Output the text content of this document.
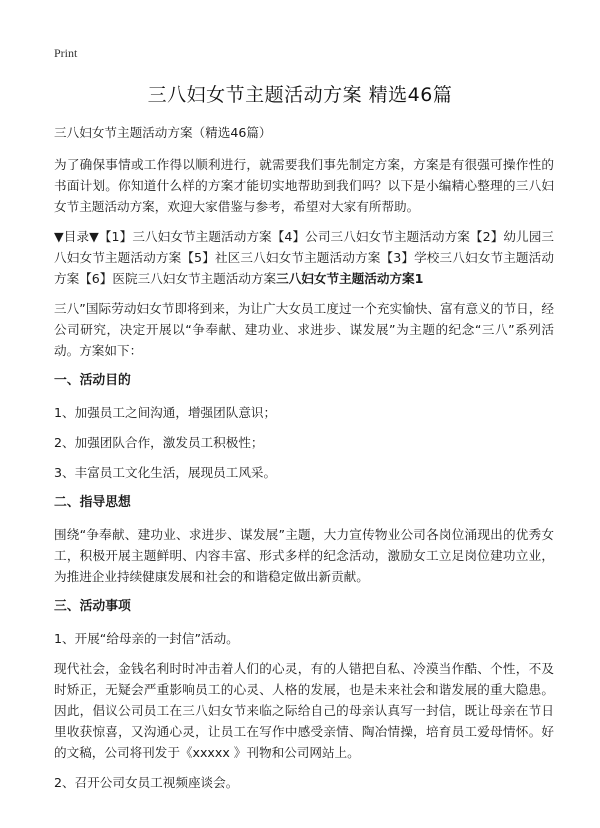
Print
三八妇女节主题活动方案 精选46篇

三八妇女节主题活动方案（精选46篇）

为了确保事情或工作得以顺利进行，就需要我们事先制定方案，方案是有很强可操作性的书面计划。你知道什么样的方案才能切实地帮助到我们吗？以下是小编精心整理的三八妇女节主题活动方案，欢迎大家借鉴与参考，希望对大家有所帮助。

▼目录▼【1】三八妇女节主题活动方案【4】公司三八妇女节主题活动方案【2】幼儿园三八妇女节主题活动方案【5】社区三八妇女节主题活动方案【3】学校三八妇女节主题活动方案【6】医院三八妇女节主题活动方案三八妇女节主题活动方案1

三八”国际劳动妇女节即将到来，为让广大女员工度过一个充实愉快、富有意义的节日，经公司研究，决定开展以“争奉献、建功业、求进步、谋发展”为主题的纪念“三八”系列活动。方案如下：

一、活动目的

1、加强员工之间沟通，增强团队意识；

2、加强团队合作，激发员工积极性；

3、丰富员工文化生活，展现员工风采。

二、指导思想

围绕“争奉献、建功业、求进步、谋发展”主题，大力宣传物业公司各岗位涌现出的优秀女工，积极开展主题鲜明、内容丰富、形式多样的纪念活动，激励女工立足岗位建功立业，为推进企业持续健康发展和社会的和谐稳定做出新贡献。

三、活动事项

1、开展“给母亲的一封信”活动。

现代社会，金钱名利时时冲击着人们的心灵，有的人错把自私、冷漠当作酷、个性，不及时矫正，无疑会严重影响员工的心灵、人格的发展，也是未来社会和谐发展的重大隐患。因此，倡议公司员工在三八妇女节来临之际给自己的母亲认真写一封信，既让母亲在节日里收获惊喜，又沟通心灵，让员工在写作中感受亲情、陶冶情操，培育员工爱母情怀。好的文稿，公司将刊发于《xxxxx 》刊物和公司网站上。

2、召开公司女员工视频座谈会。
